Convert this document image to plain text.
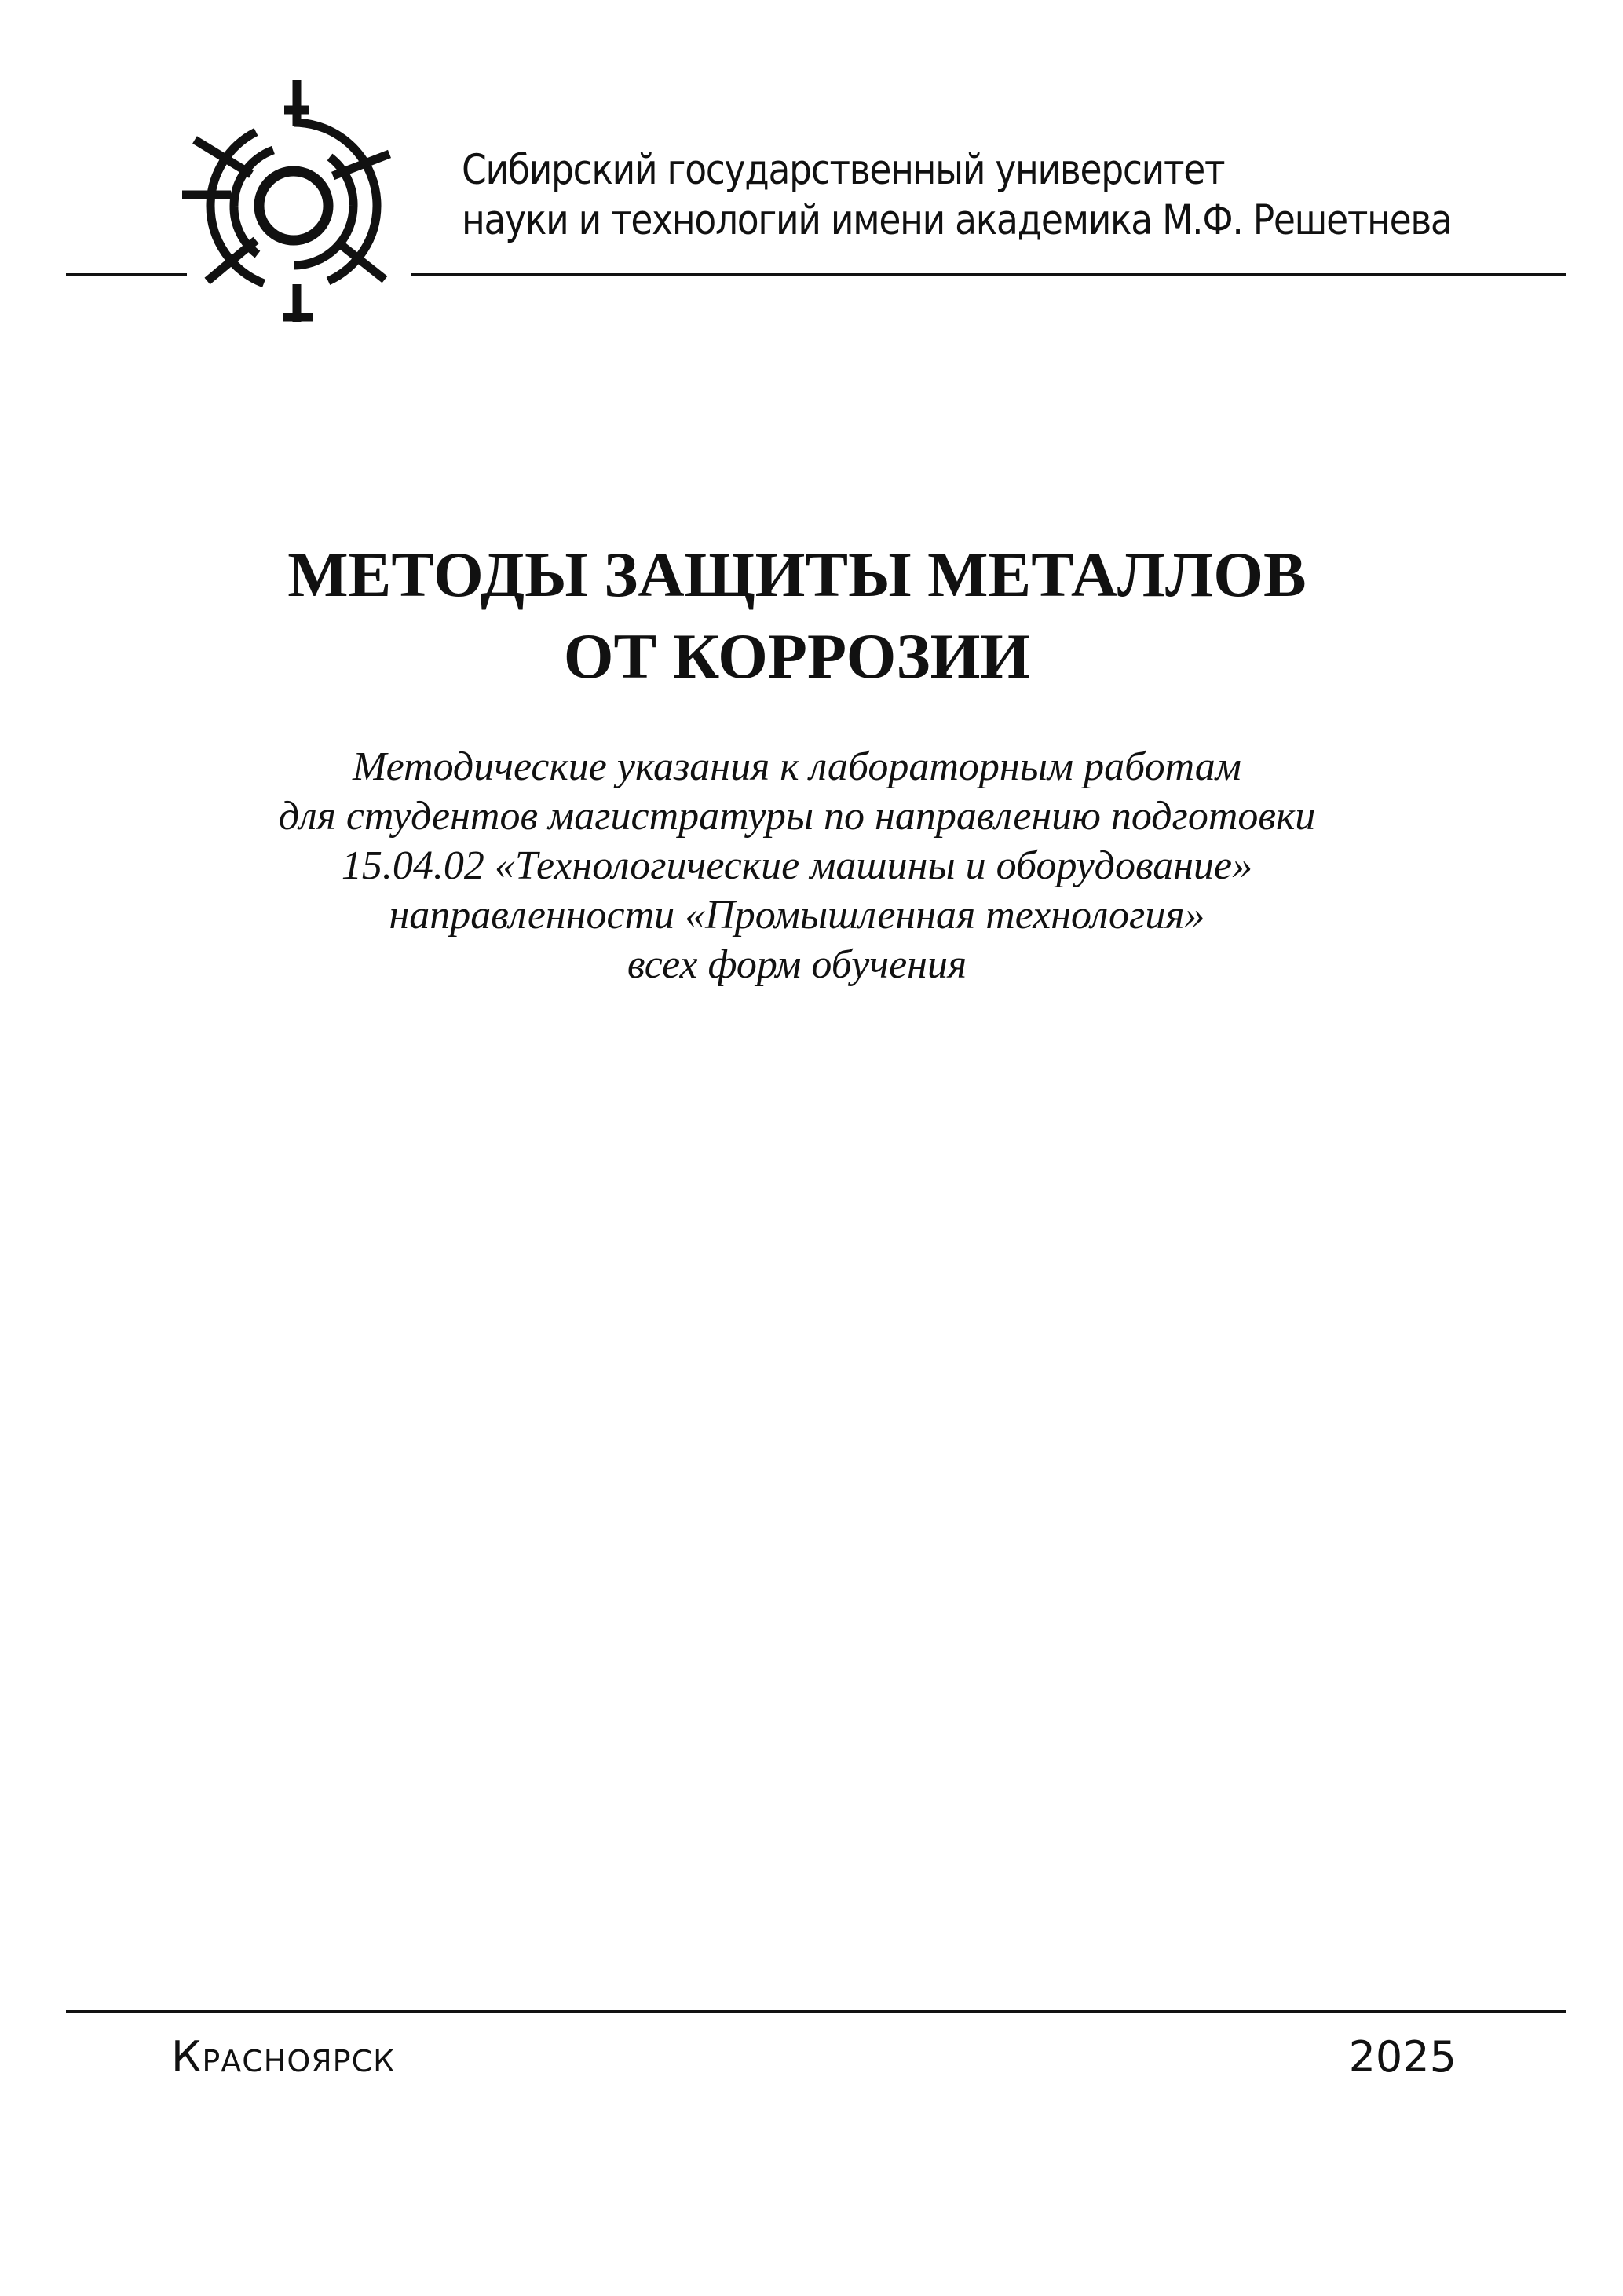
Сибирский государственный университет
науки и технологий имени академика М.Ф. Решетнева
МЕТОДЫ ЗАЩИТЫ МЕТАЛЛОВ
ОТ КОРРОЗИИ
Методические указания к лабораторным работам
для студентов магистратуры по направлению подготовки
15.04.02 «Технологические машины и оборудование»
направленности «Промышленная технология»
всех форм обучения
Красноярск	2025
